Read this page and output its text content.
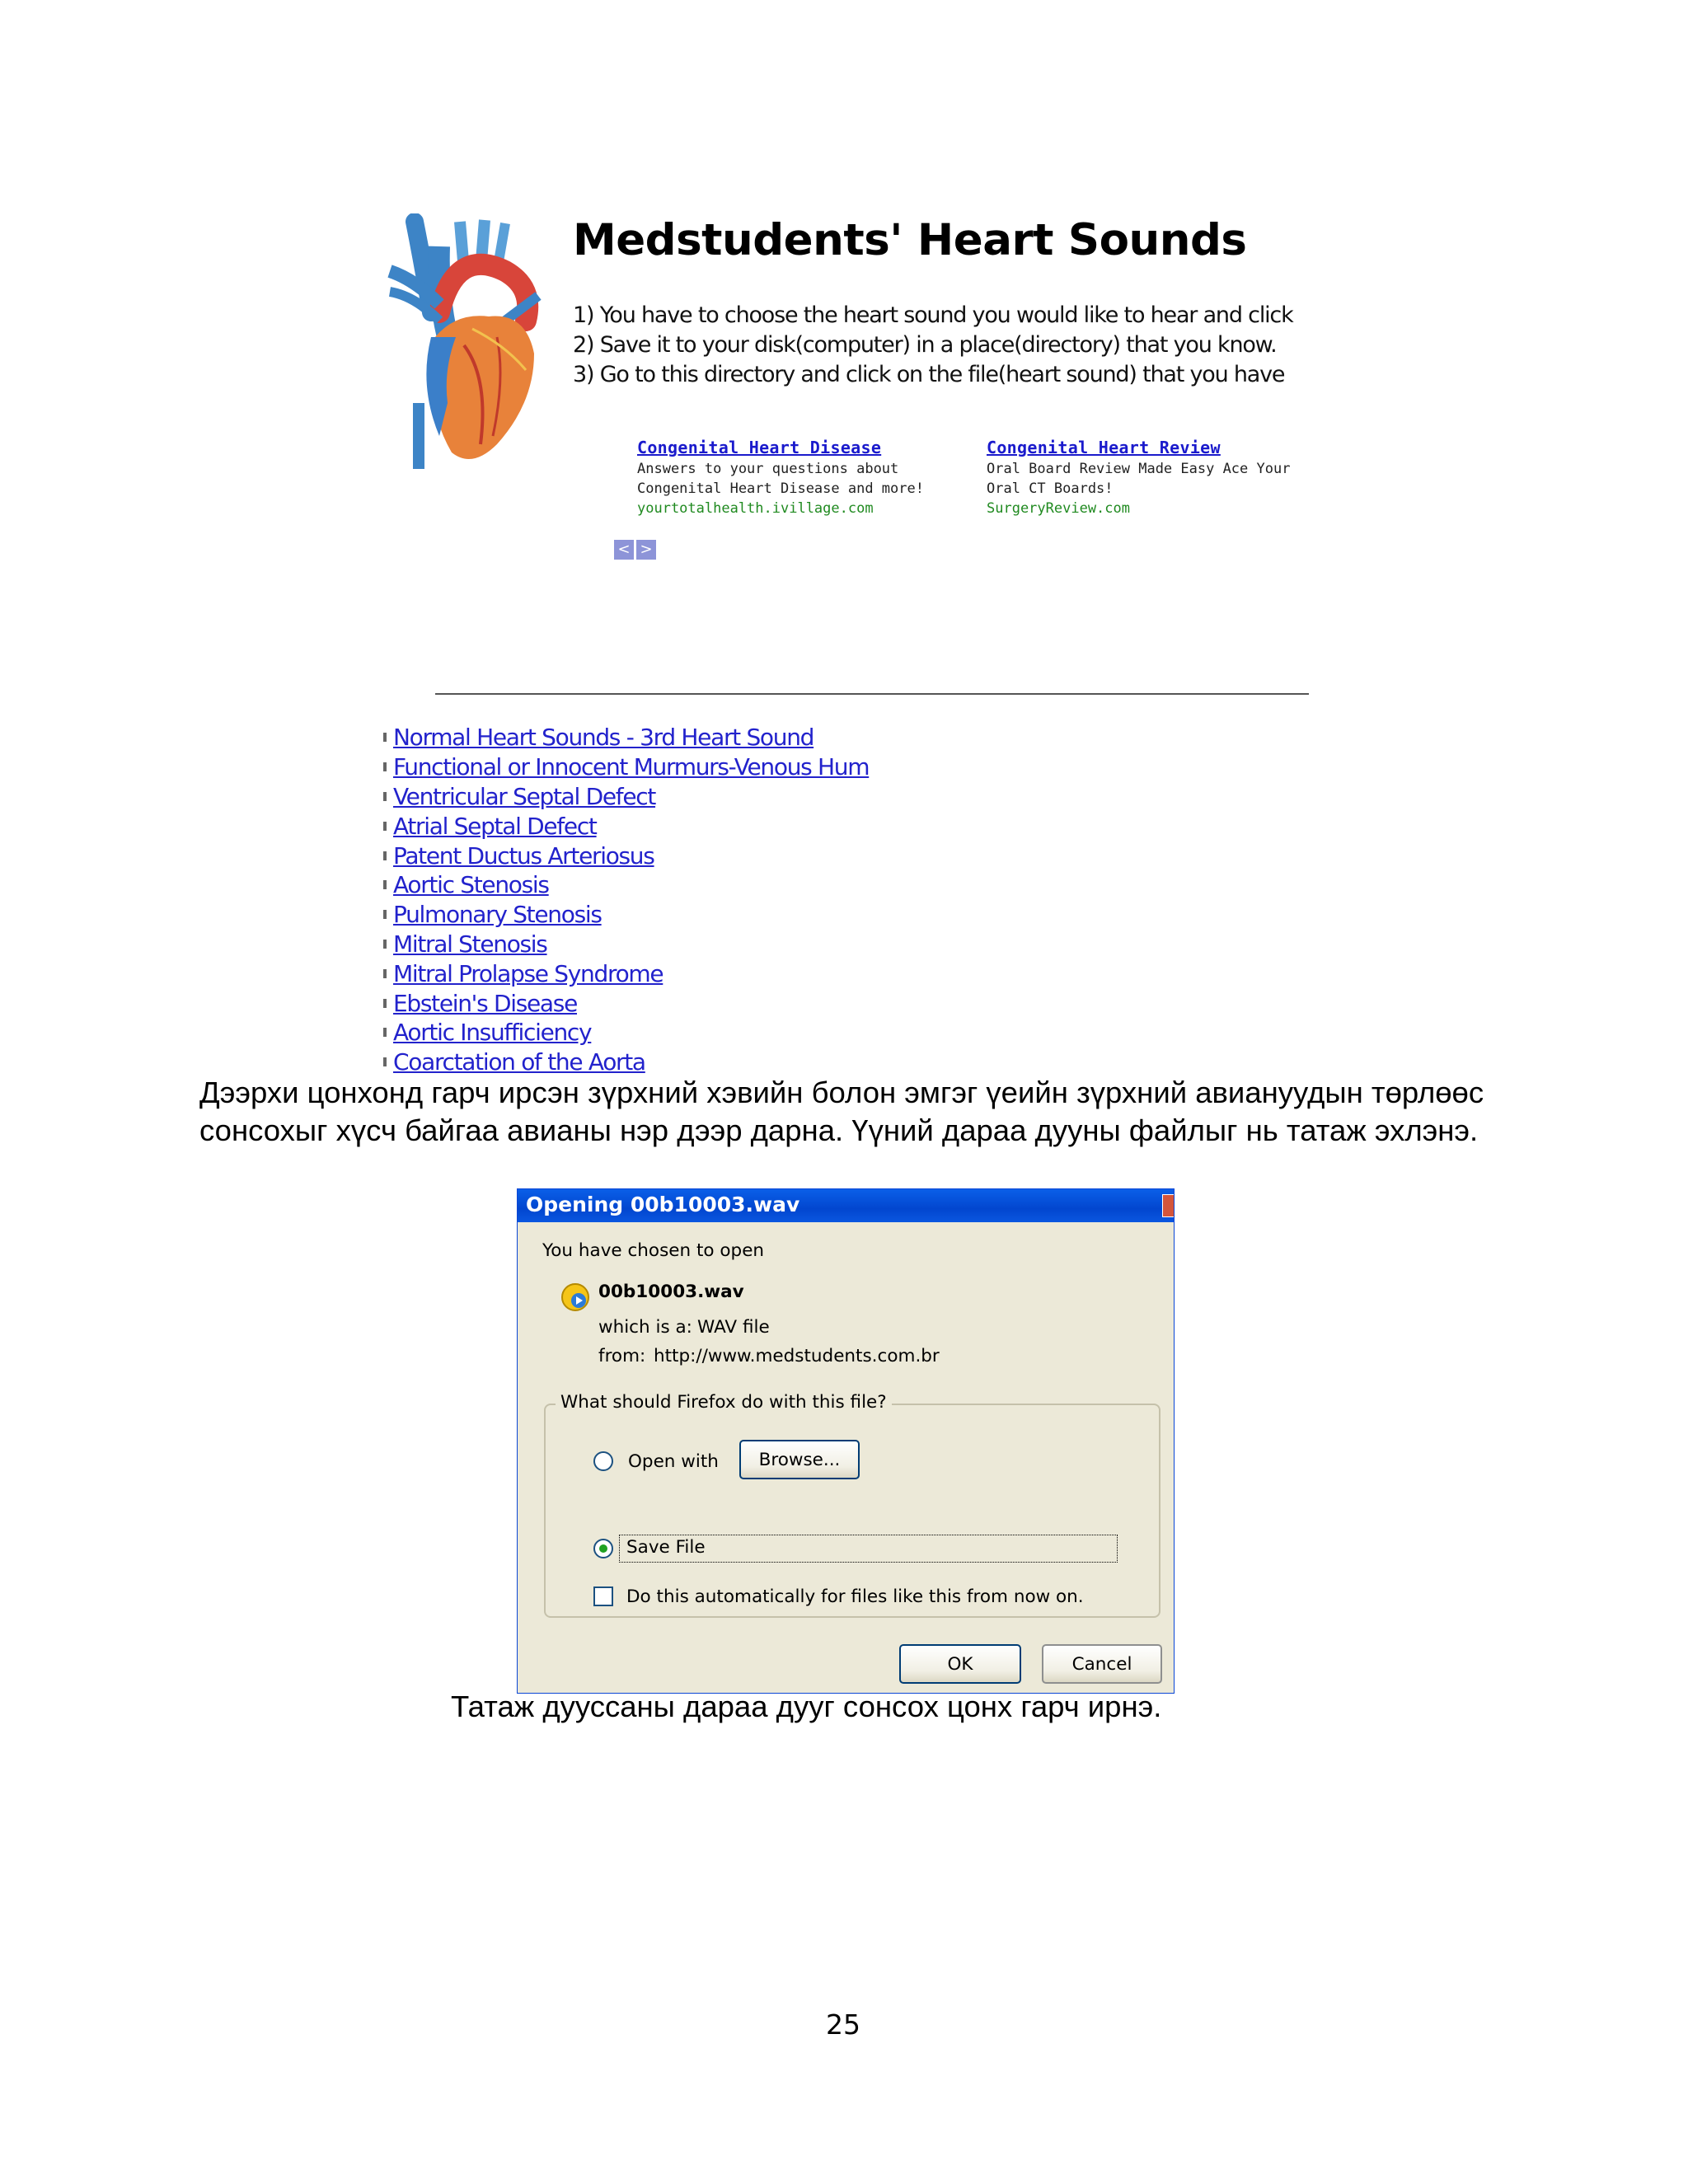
Medstudents' Heart Sounds
1) You have to choose the heart sound you would like to hear and click
2) Save it to your disk(computer) in a place(directory) that you know.
3) Go to this directory and click on the file(heart sound) that you have
Congenital Heart Disease
Answers to your questions about
Congenital Heart Disease and more!
yourtotalhealth.ivillage.com
Congenital Heart Review
Oral Board Review Made Easy Ace Your
Oral CT Boards!
SurgeryReview.com
< >
Normal Heart Sounds - 3rd Heart Sound
Functional or Innocent Murmurs-Venous Hum
Ventricular Septal Defect
Atrial Septal Defect
Patent Ductus Arteriosus
Aortic Stenosis
Pulmonary Stenosis
Mitral Stenosis
Mitral Prolapse Syndrome
Ebstein's Disease
Aortic Insufficiency
Coarctation of the Aorta

Дээрхи цонхонд гарч ирсэн зүрхний хэвийн болон эмгэг үеийн зүрхний авиануудын төрлөөс сонсохыг хүсч байгаа авианы нэр дээр дарна. Үүний дараа дууны файлыг нь татаж эхлэнэ.

Opening 00b10003.wav
You have chosen to open
00b10003.wav
which is a: WAV file
from: http://www.medstudents.com.br
What should Firefox do with this file?
Open with	Browse...
Save File
Do this automatically for files like this from now on.
OK	Cancel

Татаж дууссаны дараа дууг сонсох цонх гарч ирнэ.

25
